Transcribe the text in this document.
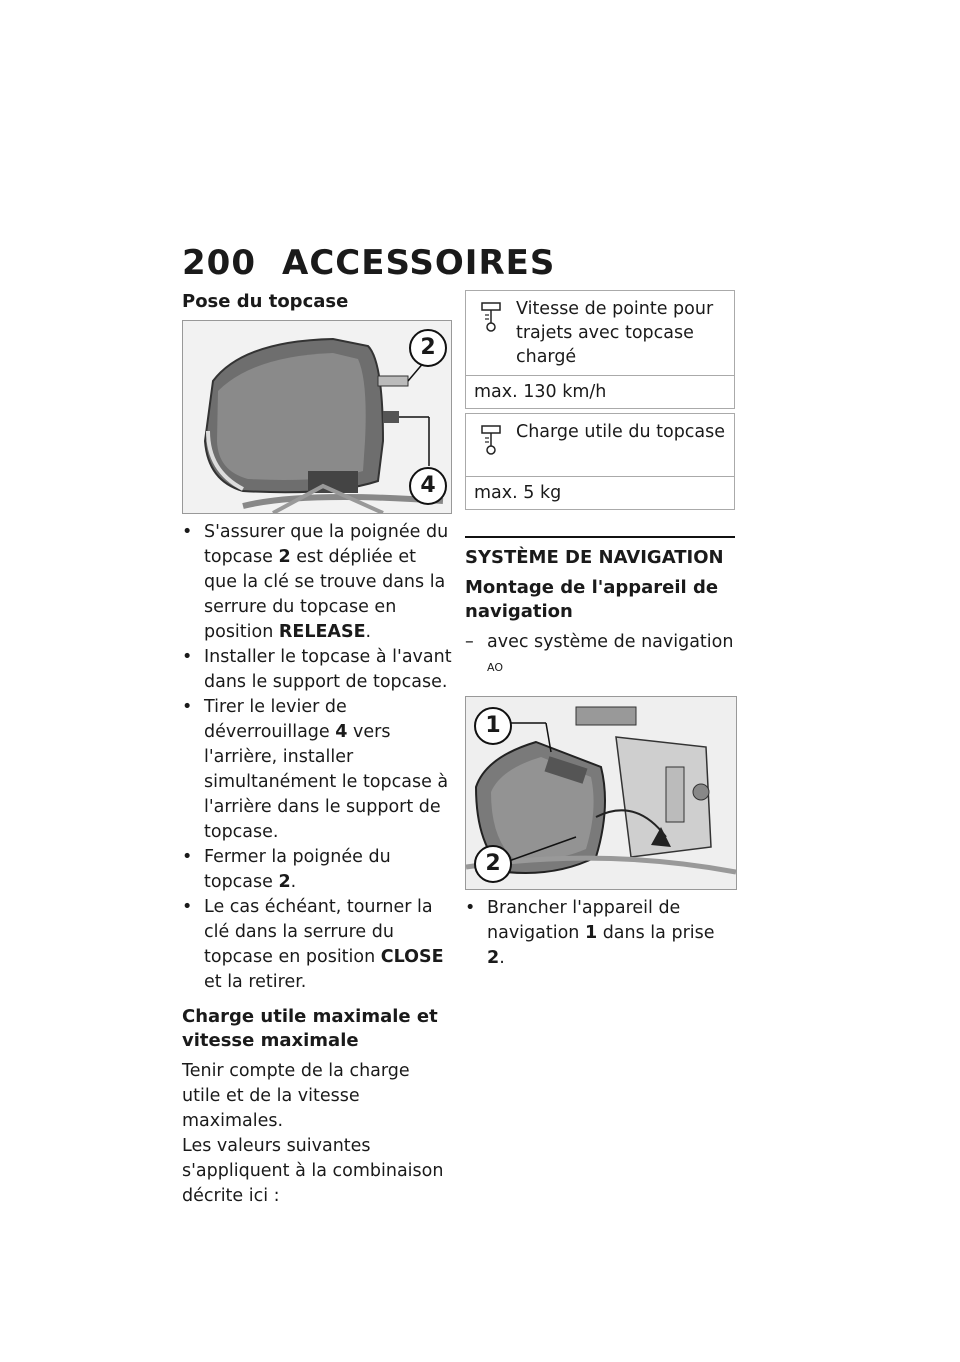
200 ACCESSOIRES
Pose du topcase
2
4
• S'assurer que la poignée du topcase 2 est dépliée et que la clé se trouve dans la serrure du topcase en position RELEASE.
• Installer le topcase à l'avant dans le support de topcase.
• Tirer le levier de déverrouillage 4 vers l'arrière, installer simultanément le topcase à l'arrière dans le support de topcase.
• Fermer la poignée du topcase 2.
• Le cas échéant, tourner la clé dans la serrure du topcase en position CLOSE et la retirer.
Charge utile maximale et vitesse maximale

Tenir compte de la charge utile et de la vitesse maximales.

Les valeurs suivantes s'appliquent à la combinaison décrite ici :

Vitesse de pointe pour trajets avec topcase chargé
max. 130 km/h
Charge utile du topcase
max. 5 kg
SYSTÈME DE NAVIGATION
Montage de l'appareil de navigation
– avec système de navigation $^{AO}$
1
2
• Brancher l'appareil de navigation 1 dans la prise 2.
